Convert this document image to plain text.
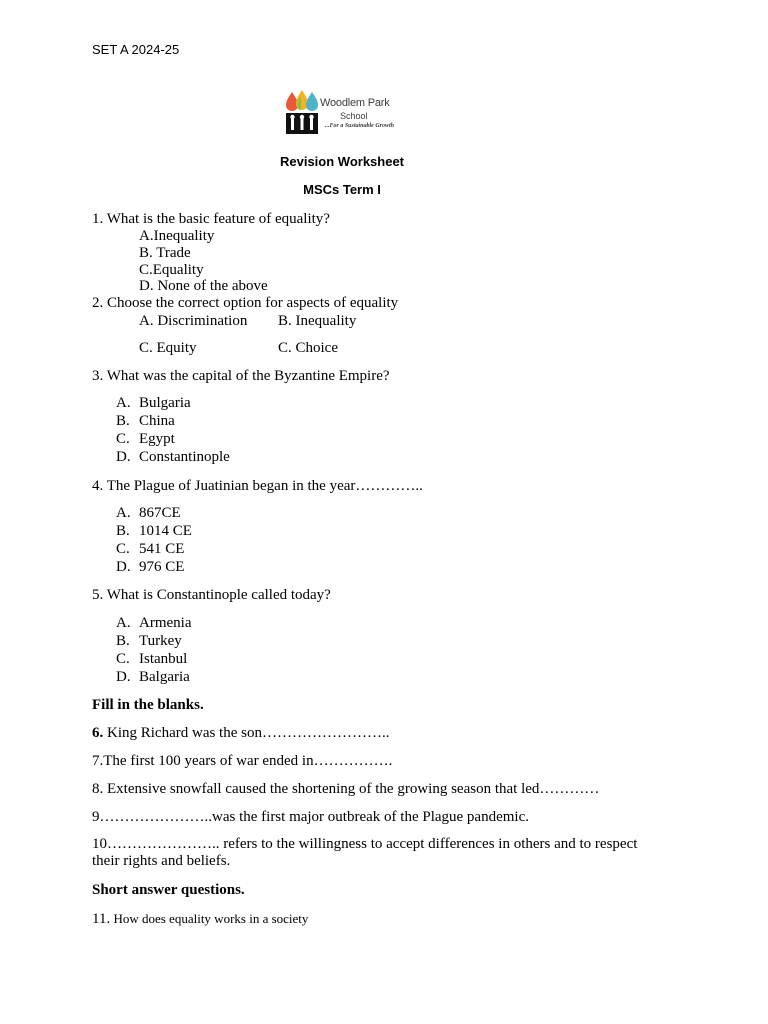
SET A 2024-25
Woodlem Park
School
...For a Sustainable Growth
Revision Worksheet
MSCs Term I
1. What is the basic feature of equality?
A.Inequality
B. Trade
C.Equality
D. None of the above
2. Choose the correct option for aspects of equality
A. Discrimination B. Inequality
C. Equity	C. Choice
3. What was the capital of the Byzantine Empire?
A. Bulgaria
B. China
C. Egypt
D. Constantinople
4. The Plague of Juatinian began in the year…………..
A. 867CE
B. 1014 CE
C. 541 CE
D. 976 CE
5. What is Constantinople called today?
A. Armenia
B. Turkey
C. Istanbul
D. Balgaria
Fill in the blanks.
6. King Richard was the son……………………..
7.The first 100 years of war ended in…………….
8. Extensive snowfall caused the shortening of the growing season that led…………
9…………………..was the first major outbreak of the Plague pandemic.
10………………….. refers to the willingness to accept differences in others and to respect their rights and beliefs.
Short answer questions.
11. How does equality works in a society
